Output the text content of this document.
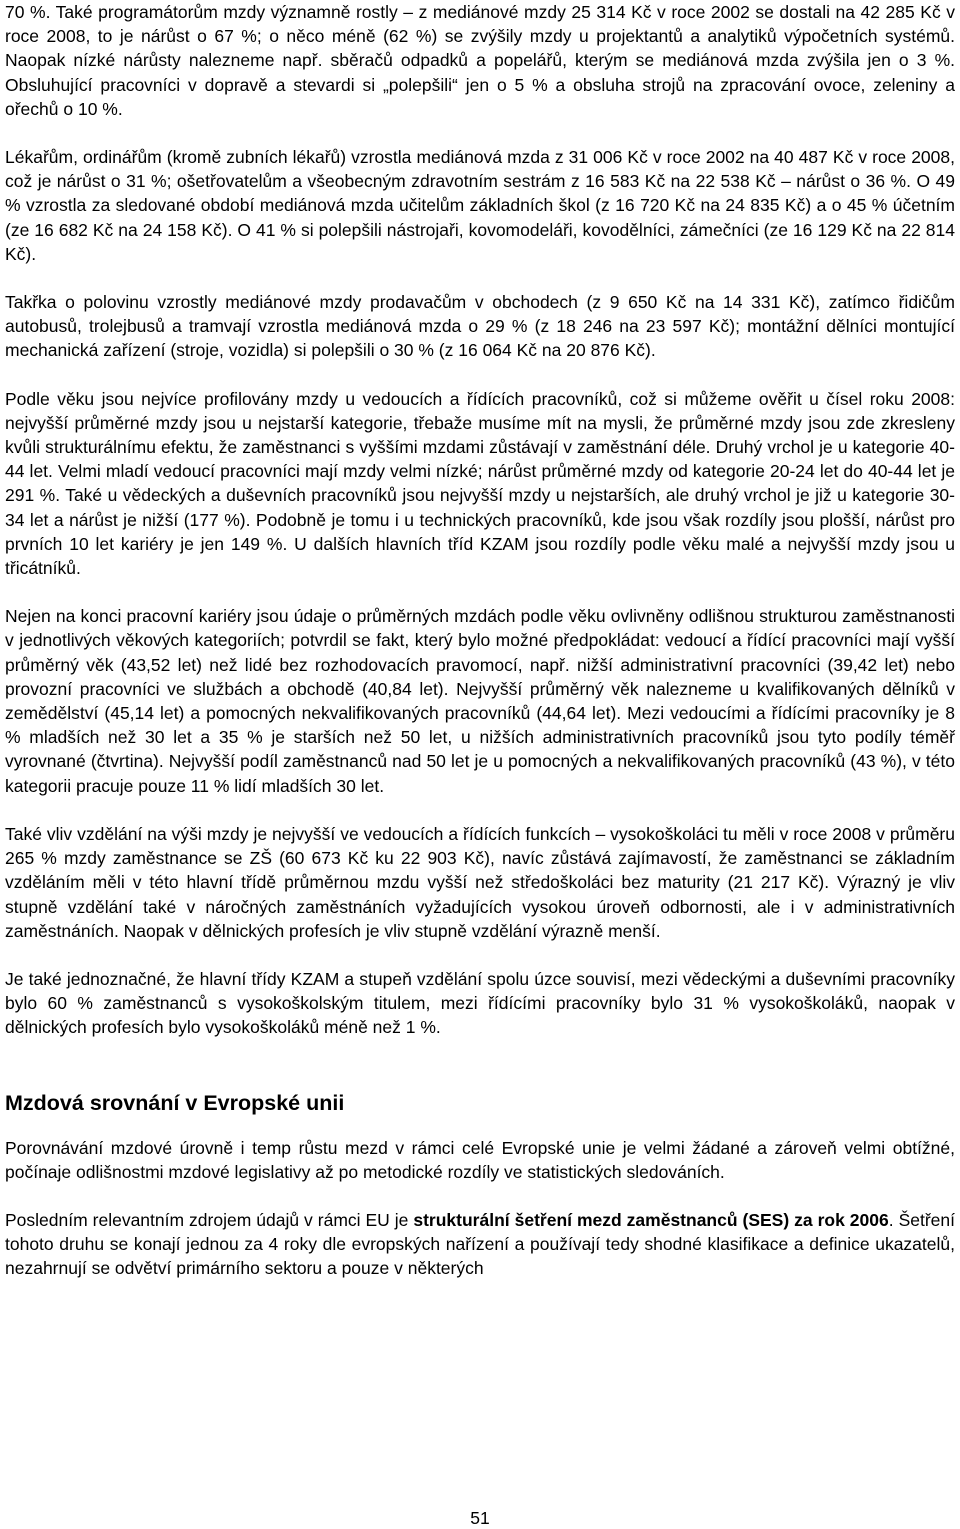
70 %. Také programátorům mzdy významně rostly – z mediánové mzdy 25 314 Kč v roce 2002 se dostali na 42 285 Kč v roce 2008, to je nárůst o 67 %; o něco méně (62 %) se zvýšily mzdy u projektantů a analytiků výpočetních systémů. Naopak nízké nárůsty nalezneme např. sběračů odpadků a popelářů, kterým se mediánová mzda zvýšila jen o 3 %. Obsluhující pracovníci v dopravě a stevardi si „polepšili“ jen o 5 % a obsluha strojů na zpracování ovoce, zeleniny a ořechů o 10 %.

Lékařům, ordinářům (kromě zubních lékařů) vzrostla mediánová mzda z 31 006 Kč v roce 2002 na 40 487 Kč v roce 2008, což je nárůst o 31 %; ošetřovatelům a všeobecným zdravotním sestrám z 16 583 Kč na 22 538 Kč – nárůst o 36 %. O 49 % vzrostla za sledované období mediánová mzda učitelům základních škol (z 16 720 Kč na 24 835 Kč) a o 45 % účetním (ze 16 682 Kč na 24 158 Kč). O 41 % si polepšili nástrojaři, kovomodeláři, kovodělníci, zámečníci (ze 16 129 Kč na 22 814 Kč).

Takřka o polovinu vzrostly mediánové mzdy prodavačům v obchodech (z 9 650 Kč na 14 331 Kč), zatímco řidičům autobusů, trolejbusů a tramvají vzrostla mediánová mzda o 29 % (z 18 246 na 23 597 Kč); montážní dělníci montující mechanická zařízení (stroje, vozidla) si polepšili o 30 % (z 16 064 Kč na 20 876 Kč).

Podle věku jsou nejvíce profilovány mzdy u vedoucích a řídících pracovníků, což si můžeme ověřit u čísel roku 2008: nejvyšší průměrné mzdy jsou u nejstarší kategorie, třebaže musíme mít na mysli, že průměrné mzdy jsou zde zkresleny kvůli strukturálnímu efektu, že zaměstnanci s vyššími mzdami zůstávají v zaměstnání déle. Druhý vrchol je u kategorie 40-44 let. Velmi mladí vedoucí pracovníci mají mzdy velmi nízké; nárůst průměrné mzdy od kategorie 20-24 let do 40-44 let je 291 %. Také u vědeckých a duševních pracovníků jsou nejvyšší mzdy u nejstarších, ale druhý vrchol je již u kategorie 30-34 let a nárůst je nižší (177 %). Podobně je tomu i u technických pracovníků, kde jsou však rozdíly jsou plošší, nárůst pro prvních 10 let kariéry je jen 149 %. U dalších hlavních tříd KZAM jsou rozdíly podle věku malé a nejvyšší mzdy jsou u třicátníků.

Nejen na konci pracovní kariéry jsou údaje o průměrných mzdách podle věku ovlivněny odlišnou strukturou zaměstnanosti v jednotlivých věkových kategoriích; potvrdil se fakt, který bylo možné předpokládat: vedoucí a řídící pracovníci mají vyšší průměrný věk (43,52 let) než lidé bez rozhodovacích pravomocí, např. nižší administrativní pracovníci (39,42 let) nebo provozní pracovníci ve službách a obchodě (40,84 let). Nejvyšší průměrný věk nalezneme u kvalifikovaných dělníků v zemědělství (45,14 let) a pomocných nekvalifikovaných pracovníků (44,64 let). Mezi vedoucími a řídícími pracovníky je 8 % mladších než 30 let a 35 % je starších než 50 let, u nižších administrativních pracovníků jsou tyto podíly téměř vyrovnané (čtvrtina). Nejvyšší podíl zaměstnanců nad 50 let je u pomocných a nekvalifikovaných pracovníků (43 %), v této kategorii pracuje pouze 11 % lidí mladších 30 let.

Také vliv vzdělání na výši mzdy je nejvyšší ve vedoucích a řídících funkcích – vysokoškoláci tu měli v roce 2008 v průměru 265 % mzdy zaměstnance se ZŠ (60 673 Kč ku 22 903 Kč), navíc zůstává zajímavostí, že zaměstnanci se základním vzděláním měli v této hlavní třídě průměrnou mzdu vyšší než středoškoláci bez maturity (21 217 Kč). Výrazný je vliv stupně vzdělání také v náročných zaměstnáních vyžadujících vysokou úroveň odbornosti, ale i v administrativních zaměstnáních. Naopak v dělnických profesích je vliv stupně vzdělání výrazně menší.

Je také jednoznačné, že hlavní třídy KZAM a stupeň vzdělání spolu úzce souvisí, mezi vědeckými a duševními pracovníky bylo 60 % zaměstnanců s vysokoškolským titulem, mezi řídícími pracovníky bylo 31 % vysokoškoláků, naopak v dělnických profesích bylo vysokoškoláků méně než 1 %.

Mzdová srovnání v Evropské unii

Porovnávání mzdové úrovně i temp růstu mezd v rámci celé Evropské unie je velmi žádané a zároveň velmi obtížné, počínaje odlišnostmi mzdové legislativy až po metodické rozdíly ve statistických sledováních.

Posledním relevantním zdrojem údajů v rámci EU je strukturální šetření mezd zaměstnanců (SES) za rok 2006. Šetření tohoto druhu se konají jednou za 4 roky dle evropských nařízení a používají tedy shodné klasifikace a definice ukazatelů, nezahrnují se odvětví primárního sektoru a pouze v některých

51
